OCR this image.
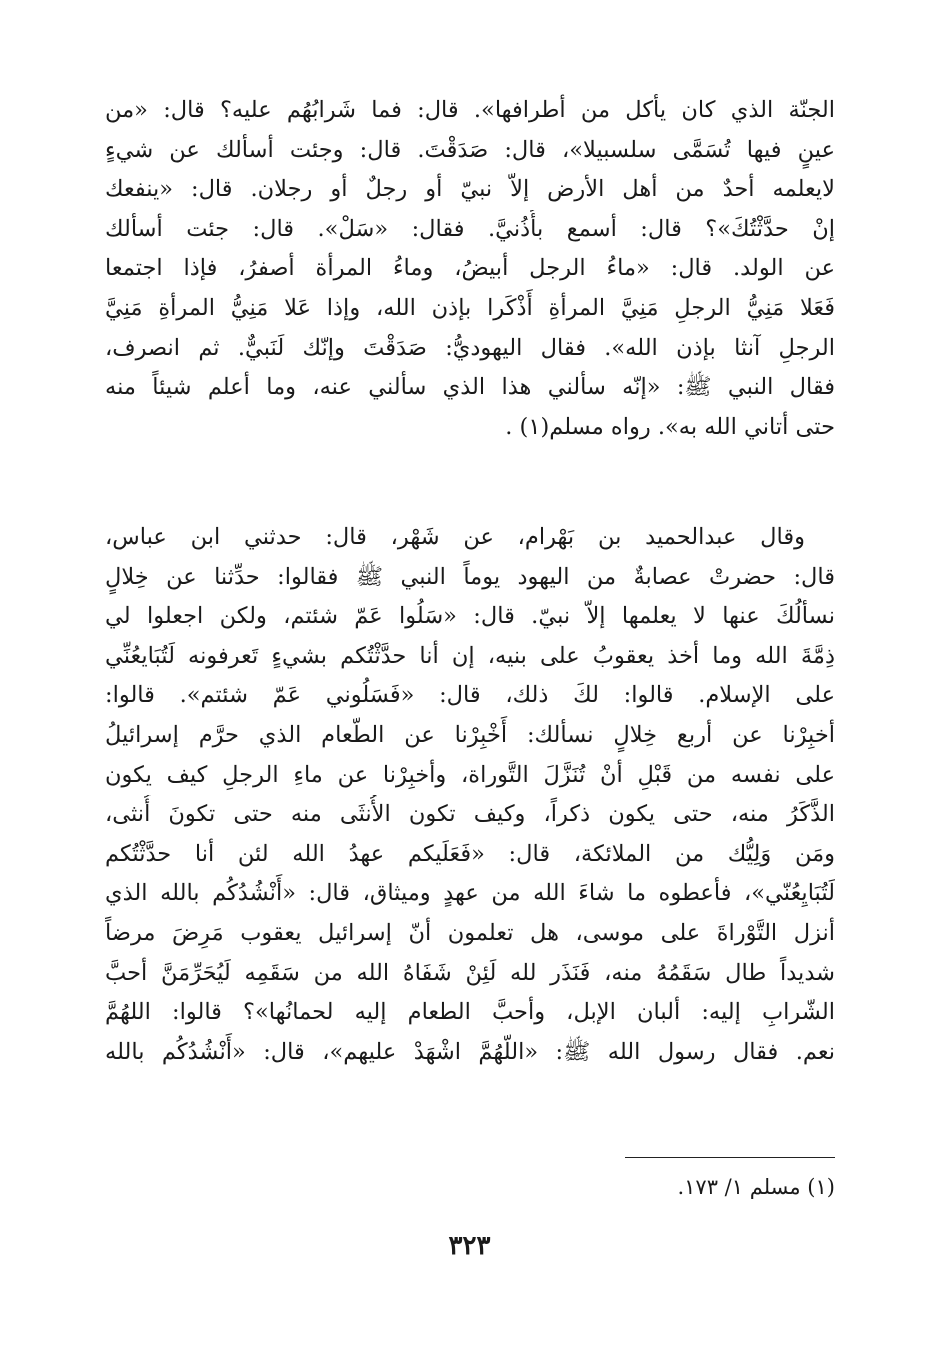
الجنّة الذي كان يأكل من أطرافها». قال: فما شَرابُهُم عليه؟ قال: «من
عينٍ فيها تُسَمَّى سلسبيلا»، قال: صَدَقْتَ. قال: وجئت أسألك عن شيءٍ
لايعلمه أحدٌ من أهل الأرض إلاّ نبيّ أو رجلٌ أو رجلان. قال: «ينفعك
إنْ حدَّثْتُكَ»؟ قال: أسمع بأُذُنيَّ. فقال: «سَلْ». قال: جئت أسألك
عن الولد. قال: «ماءُ الرجل أبيضُ، وماءُ المرأة أصفرُ، فإذا اجتمعا
فَعَلا مَنِيُّ الرجلِ مَنِيَّ المرأةِ أَذْكَرا بإذن الله، وإذا عَلا مَنِيُّ المرأةِ مَنِيَّ
الرجلِ آنثا بإذن الله». فقال اليهوديُّ: صَدَقْتَ وإنّك لَنَبيٌّ. ثم انصرف،
فقال النبي ﷺ: «إنّه سألني هذا الذي سألني عنه، وما أعلم شيئاً منه
حتى أتاني الله به». رواه مسلم(١) .
وقال عبدالحميد بن بَهْرام، عن شَهْر، قال: حدثني ابن عباس،
قال: حضرتْ عصابةٌ من اليهود يوماً النبي ﷺ فقالوا: حدِّثنا عن خِلالٍ
نسألُكَ عنها لا يعلمها إلاّ نبيّ. قال: «سَلُوا عَمّ شئتم، ولكن اجعلوا لي
ذِمَّةَ الله وما أخذ يعقوبُ على بنيه، إن أنا حدَّثْتُكم بشيءٍ تَعرفونه لَتُبَايعُنِّي
على الإسلام. قالوا: لكَ ذلك، قال: «فَسَلُوني عَمّ شئتم». قالوا:
أخبِرْنا عن أربع خِلالٍ نسألك: أَخْبِرْنا عن الطّعام الذي حرَّم إسرائيلُ
على نفسه من قَبْلِ أنْ تُنَزَّلَ التَّوراة، وأخبِرْنا عن ماءِ الرجلِ كيف يكون
الذَّكَرُ منه، حتى يكون ذكراً، وكيف تكون الأُنثَى منه حتى تكونَ أُنثى،
ومَن وَلِيُّك من الملائكة، قال: «فَعَلَيكم عهدُ الله لئن أنا حدَّثْتُكم
لَتُبَايِعُنّي»، فأعطوه ما شاءَ الله من عهدٍ وميثاق، قال: «أَنْشُدُكُم بالله الذي
أنزل التَّوْراةَ على موسى، هل تعلمون أنّ إسرائيل يعقوب مَرِضَ مرضاً
شديداً طال سَقَمُهُ منه، فَنَذَر لله لَئِنْ شَفَاهُ الله من سَقَمِه لَيُحَرِّمَنَّ أحبَّ
الشّرابِ إليه: ألبان الإبل، وأحبَّ الطعام إليه لحمانُها»؟ قالوا: اللهُمَّ
نعم. فقال رسول الله ﷺ: «اللّهُمَّ اشْهَدْ عليهم»، قال: «أَنْشُدُكُم بالله
(١) مسلم ١/ ١٧٣.
٣٢٣
